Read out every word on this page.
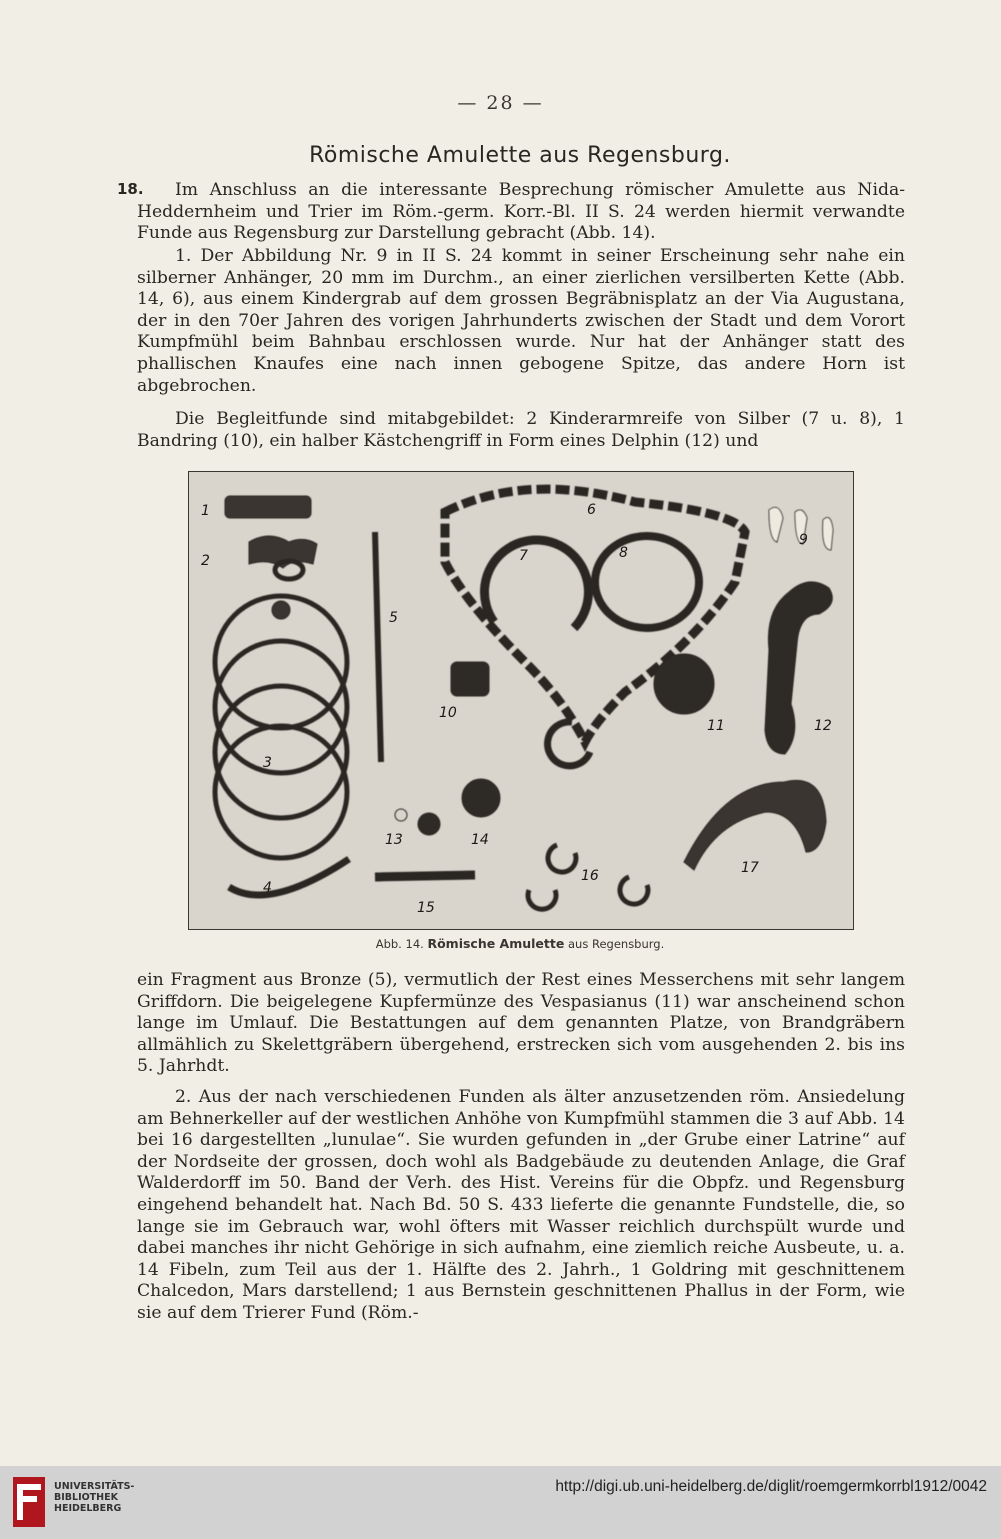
— 28 —
Römische Amulette aus Regensburg.
18.	Im Anschluss an die interessante Besprechung römischer Amulette aus Nida-Heddernheim und Trier im Röm.-germ. Korr.-Bl. II S. 24 werden hiermit verwandte Funde aus Regensburg zur Darstellung gebracht (Abb. 14).

1. Der Abbildung Nr. 9 in II S. 24 kommt in seiner Erscheinung sehr nahe ein silberner Anhänger, 20 mm im Durchm., an einer zierlichen versilberten Kette (Abb. 14, 6), aus einem Kindergrab auf dem grossen Begräbnisplatz an der Via Augustana, der in den 70er Jahren des vorigen Jahrhunderts zwischen der Stadt und dem Vorort Kumpfmühl beim Bahnbau erschlossen wurde. Nur hat der Anhänger statt des phallischen Knaufes eine nach innen gebogene Spitze, das andere Horn ist abgebrochen.

Die Begleitfunde sind mitabgebildet: 2 Kinderarmreife von Silber (7 u. 8), 1 Bandring (10), ein halber Kästchengriff in Form eines Delphin (12) und

1
2
3
4
5
6
7	8
9
10
11	12
13	14
15
16	17
Abb. 14. Römische Amulette aus Regensburg.

ein Fragment aus Bronze (5), vermutlich der Rest eines Messerchens mit sehr langem Griffdorn. Die beigelegene Kupfermünze des Vespasianus (11) war anscheinend schon lange im Umlauf. Die Bestattungen auf dem genannten Platze, von Brandgräbern allmählich zu Skelettgräbern übergehend, erstrecken sich vom ausgehenden 2. bis ins 5. Jahrhdt.

2. Aus der nach verschiedenen Funden als älter anzusetzenden röm. Ansiedelung am Behnerkeller auf der westlichen Anhöhe von Kumpfmühl stammen die 3 auf Abb. 14 bei 16 dargestellten „lunulae“. Sie wurden gefunden in „der Grube einer Latrine“ auf der Nordseite der grossen, doch wohl als Badgebäude zu deutenden Anlage, die Graf Walderdorff im 50. Band der Verh. des Hist. Vereins für die Obpfz. und Regensburg eingehend behandelt hat. Nach Bd. 50 S. 433 lieferte die genannte Fundstelle, die, so lange sie im Gebrauch war, wohl öfters mit Wasser reichlich durchspült wurde und dabei manches ihr nicht Gehörige in sich aufnahm, eine ziemlich reiche Ausbeute, u. a. 14 Fibeln, zum Teil aus der 1. Hälfte des 2. Jahrh., 1 Goldring mit geschnittenem Chalcedon, Mars darstellend; 1 aus Bernstein geschnittenen Phallus in der Form, wie sie auf dem Trierer Fund (Röm.-

UNIVERSITÄTS-
BIBLIOTHEK
HEIDELBERG
http://digi.ub.uni-heidelberg.de/diglit/roemgermkorrbl1912/0042
